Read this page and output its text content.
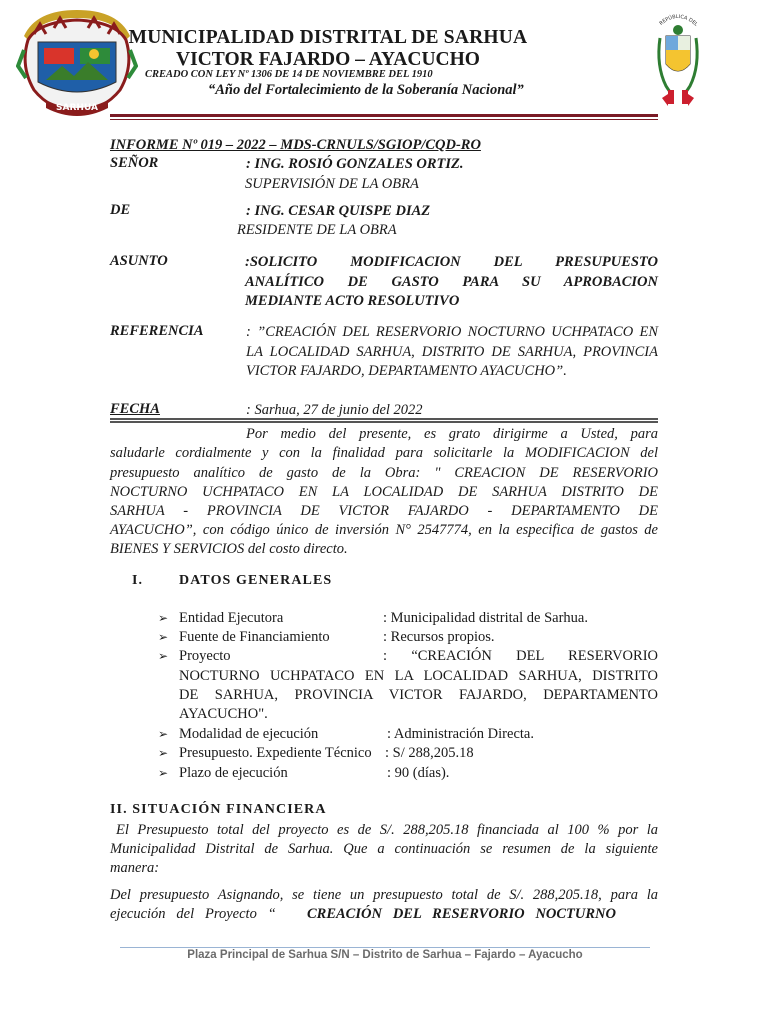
SARHUA
MUNICIPALIDAD DISTRITAL DE SARHUA
VICTOR FAJARDO – AYACUCHO
CREADO CON LEY Nº 1306 DE 14 DE NOVIEMBRE DEL 1910
“Año del Fortalecimiento de la Soberanía Nacional”
REPÚBLICA DEL
INFORME Nº 019 – 2022 – MDS-CRNULS/SGIOP/CQD-RO
SEÑOR	: ING. ROSIÓ GONZALES ORTIZ.
SUPERVISIÓN DE LA OBRA
DE	: ING. CESAR QUISPE DIAZ
RESIDENTE DE LA OBRA
ASUNTO	:SOLICITO MODIFICACION DEL PRESUPUESTO
ANALÍTICO DE GASTO PARA SU APROBACION
MEDIANTE ACTO RESOLUTIVO
REFERENCIA	: ”CREACIÓN DEL RESERVORIO NOCTURNO UCHPATACO EN
LA LOCALIDAD SARHUA, DISTRITO DE SARHUA, PROVINCIA
VICTOR FAJARDO, DEPARTAMENTO AYACUCHO”.
FECHA	: Sarhua, 27 de junio del 2022
Por medio del presente, es grato dirigirme a Usted, para
saludarle cordialmente y con la finalidad para solicitarle la MODIFICACION del
presupuesto analítico de gasto de la Obra: " CREACION DE RESERVORIO
NOCTURNO UCHPATACO EN LA LOCALIDAD DE SARHUA DISTRITO DE
SARHUA - PROVINCIA DE VICTOR FAJARDO - DEPARTAMENTO DE
AYACUCHO”, con código único de inversión N° 2547774, en la especifica de gastos de
BIENES Y SERVICIOS del costo directo.
I.	DATOS GENERALES
➢ Entidad Ejecutora	: Municipalidad distrital de Sarhua.
➢ Fuente de Financiamiento	: Recursos propios.
➢ Proyecto	: “CREACIÓN DEL RESERVORIO
NOCTURNO UCHPATACO EN LA LOCALIDAD SARHUA, DISTRITO
DE SARHUA, PROVINCIA VICTOR FAJARDO, DEPARTAMENTO
AYACUCHO".
➢ Modalidad de ejecución	: Administración Directa.
➢ Presupuesto. Expediente Técnico : S/ 288,205.18
➢ Plazo de ejecución	: 90 (días).
II. SITUACIÓN FINANCIERA
El Presupuesto total del proyecto es de S/. 288,205.18 financiada al 100 % por la
Municipalidad Distrital de Sarhua. Que a continuación se resumen de la siguiente
manera:
Del presupuesto Asignando, se tiene un presupuesto total de S/. 288,205.18, para la
ejecución   del   Proyecto   “ CREACIÓN   DEL   RESERVORIO   NOCTURNO
Plaza Principal de Sarhua S/N – Distrito de Sarhua – Fajardo – Ayacucho
